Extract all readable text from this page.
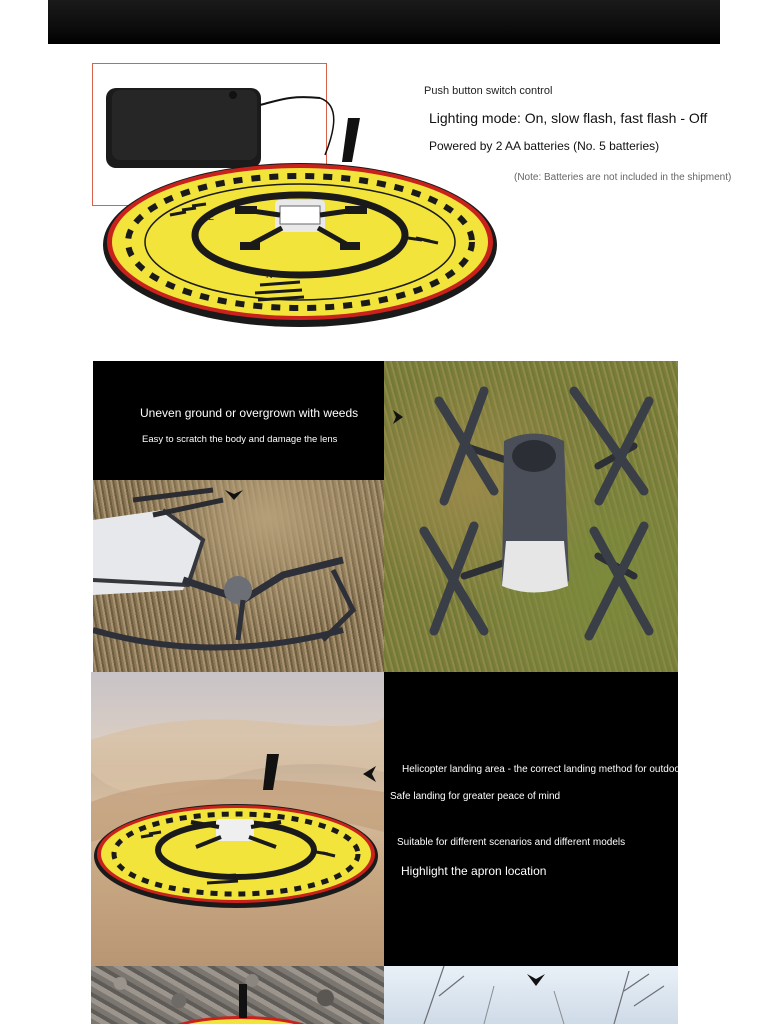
E
N
Push button switch control
Lighting mode: On, slow flash, fast flash - Off
Powered by 2 AA batteries (No. 5 batteries)
(Note: Batteries are not included in the shipment)
Uneven ground or overgrown with weeds
Easy to scratch the body and damage the lens
Helicopter landing area - the correct landing method for outdoor flight
Safe landing for greater peace of mind
Suitable for different scenarios and different models
Highlight the apron location
